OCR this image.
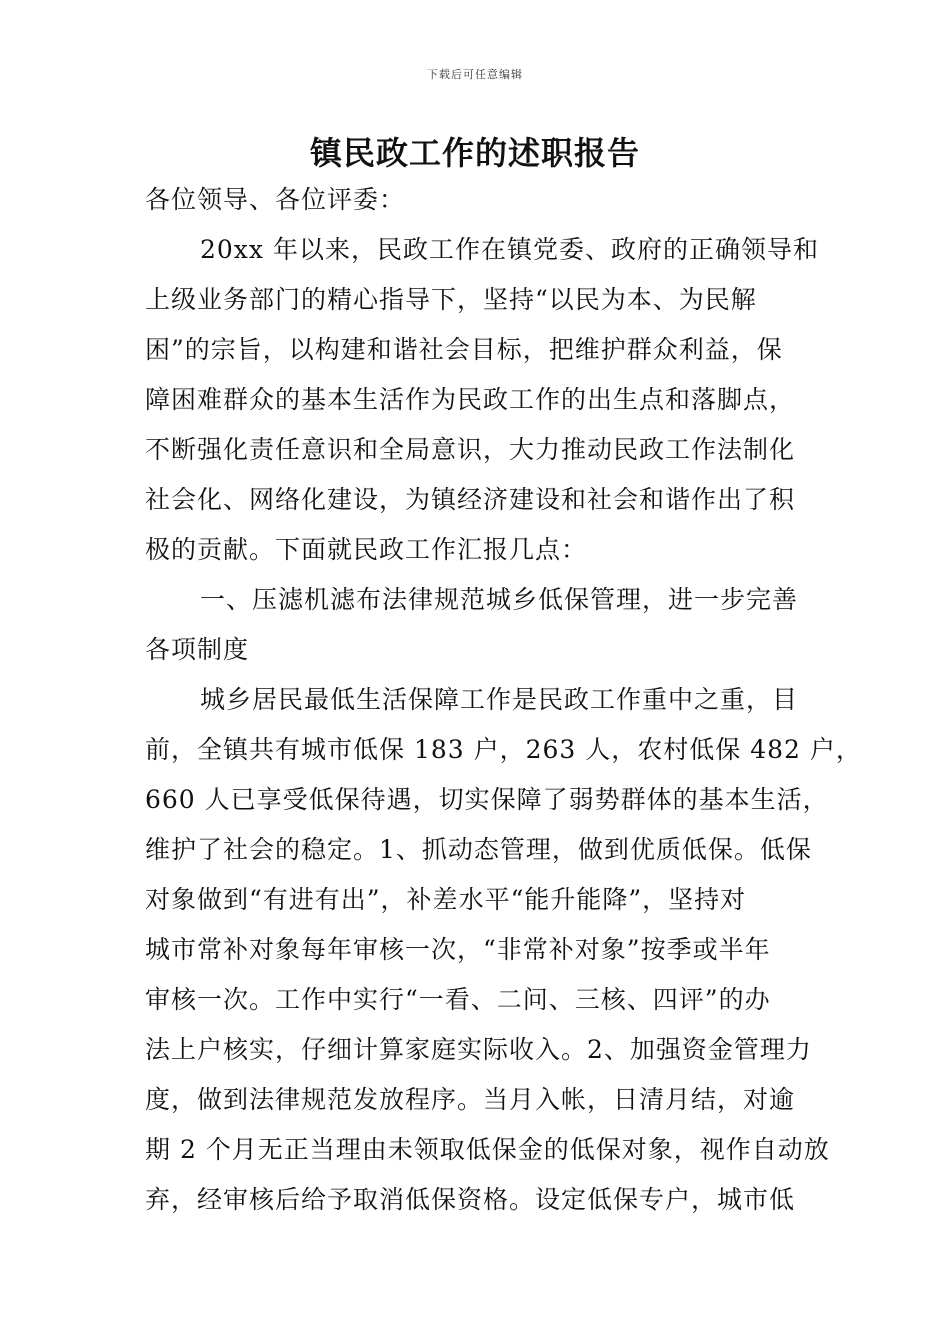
下载后可任意编辑
镇民政工作的述职报告
各位领导、各位评委：
20xx 年以来，民政工作在镇党委、政府的正确领导和
上级业务部门的精心指导下，坚持“以民为本、为民解
困”的宗旨，以构建和谐社会目标，把维护群众利益，保
障困难群众的基本生活作为民政工作的出生点和落脚点，
不断强化责任意识和全局意识，大力推动民政工作法制化
社会化、网络化建设，为镇经济建设和社会和谐作出了积
极的贡献。下面就民政工作汇报几点：
一、压滤机滤布法律规范城乡低保管理，进一步完善
各项制度
城乡居民最低生活保障工作是民政工作重中之重，目
前，全镇共有城市低保 183 户，263 人，农村低保 482 户，
660 人已享受低保待遇，切实保障了弱势群体的基本生活，
维护了社会的稳定。1、抓动态管理，做到优质低保。低保
对象做到“有进有出”，补差水平“能升能降”，坚持对
城市常补对象每年审核一次，“非常补对象”按季或半年
审核一次。工作中实行“一看、二问、三核、四评”的办
法上户核实，仔细计算家庭实际收入。2、加强资金管理力
度，做到法律规范发放程序。当月入帐，日清月结，对逾
期 2 个月无正当理由未领取低保金的低保对象，视作自动放
弃，经审核后给予取消低保资格。设定低保专户，城市低
